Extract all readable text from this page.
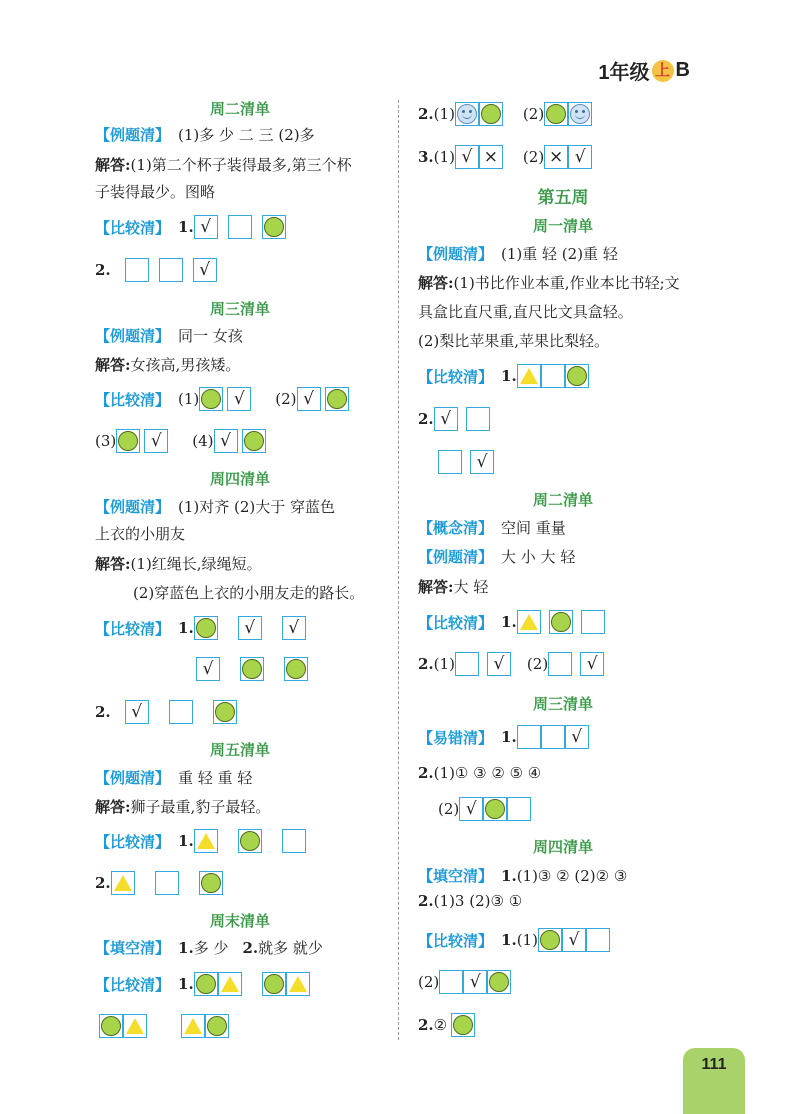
1年级 上 B
周二清单
【例题清】 (1)多 少 二 三 (2)多
解答: (1)第二个杯子装得最多,第三个杯
子装得最少。图略
【比较清】 1. √
2.	√
周三清单
【例题清】 同一 女孩
解答: 女孩高,男孩矮。
【比较清】 (1)	√	(2) √
(3)	√	(4) √
周四清单
【例题清】 (1)对齐 (2)大于 穿蓝色
上衣的小朋友
解答: (1)红绳长,绿绳短。
(2)穿蓝色上衣的小朋友走的路长。
【比较清】 1.	√	√
√
2.	√
周五清单
【例题清】 重 轻 重 轻
解答: 狮子最重,豹子最轻。
【比较清】 1.
2.
周末清单
【填空清】 1. 多 少 2. 就多 就少
【比较清】 1.
2. (1)	(2)
3. (1) √ ×	(2) × √
第五周
周一清单
【例题清】 (1)重 轻 (2)重 轻
解答: (1)书比作业本重,作业本比书轻;文
具盒比直尺重,直尺比文具盒轻。
(2)梨比苹果重,苹果比梨轻。
【比较清】 1.
2. √
√
周二清单
【概念清】 空间 重量
【例题清】 大 小 大 轻
解答: 大 轻
【比较清】 1.
2. (1)	√	(2)	√
周三清单
【易错清】 1.	√
2. (1)① ③ ② ⑤ ④
(2) √
周四清单
【填空清】 1. (1)③ ② (2)② ③
2. (1)3 (2)③ ①
【比较清】 1. (1)	√
(2)	√
2. ②
111
